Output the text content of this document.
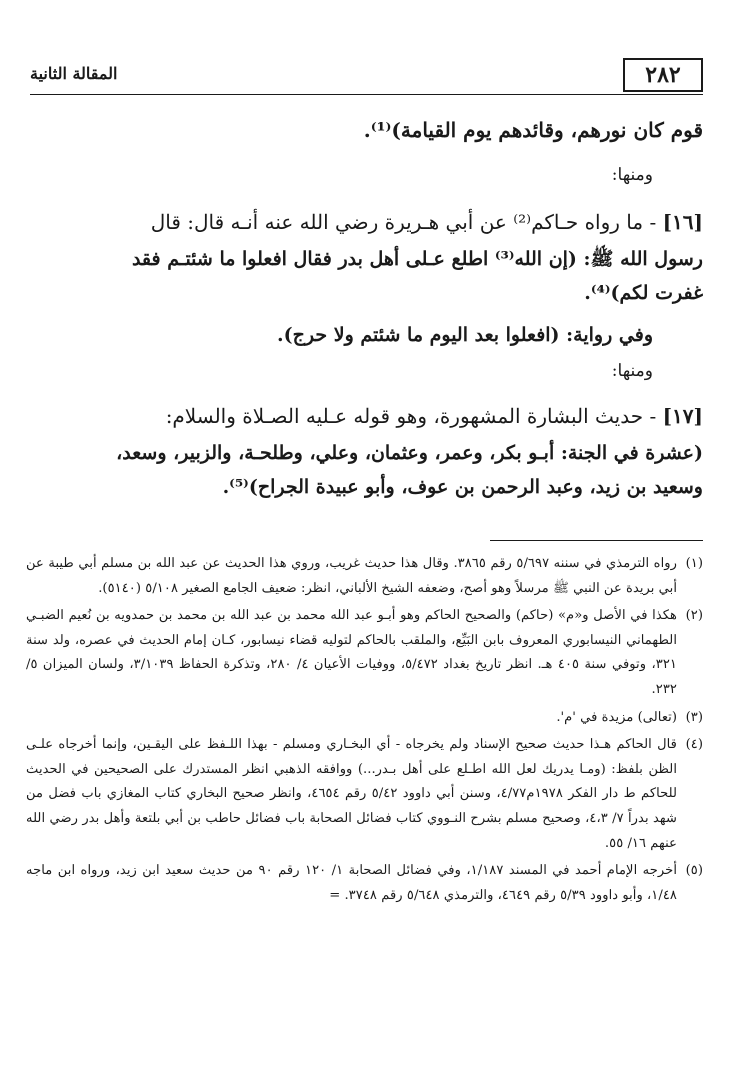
٢٨٢
المقالة الثانية

قوم كان نورهم، وقائدهم يوم القيامة)⁽¹⁾.

ومنها:

[١٦] - ما رواه حـاكم⁽²⁾ عن أبي هـريرة رضي الله عنه أنـه قال: قال

رسول الله ﷺ: (إن الله⁽³⁾ اطلع عـلى أهل بدر فقال افعلوا ما شئتـم فقد

غفرت لكم)⁽⁴⁾.

وفي رواية: (افعلوا بعد اليوم ما شئتم ولا حرج).

ومنها:

[١٧] - حديث البشارة المشهورة، وهو قوله عـليه الصـلاة والسلام:

(عشرة في الجنة: أبـو بكر، وعمر، وعثمان، وعلي، وطلحـة، والزبير، وسعد،

وسعيد بن زيد، وعبد الرحمن بن عوف، وأبو عبيدة الجراح)⁽⁵⁾.

(١)رواه الترمذي في سننه ٥/٦٩٧ رقم ٣٨٦٥. وقال هذا حديث غريب، وروي هذا الحديث عن عبد الله بن مسلم أبي طيبة عن أبي بريدة عن النبي ﷺ مرسلاً وهو أصح، وضعفه الشيخ الألباني، انظر: ضعيف الجامع الصغير ٥/١٠٨ (٥١٤٠).

(٢)هكذا في الأصل و«م» (حاكم) والصحيح الحاكم وهو أبـو عبد الله محمد بن عبد الله بن محمد بن حمدويه بن نُعيم الضبـي الطهماني النيسابوري المعروف بابن البَيِّع، والملقب بالحاكم لتوليه قضاء نيسابور، كـان إمام الحديث في عصره، ولد سنة ٣٢١، وتوفي سنة ٤٠٥ هـ. انظر تاريخ بغداد ٥/٤٧٢، ووفيات الأعيان ٤/ ٢٨٠، وتذكرة الحفاظ ٣/١٠٣٩، ولسان الميزان ٥/ ٢٣٢.

(٣)(تعالى) مزيدة في 'م'.

(٤)قال الحاكم هـذا حديث صحيح الإسناد ولم يخرجاه - أي البخـاري ومسلم - بهذا اللـفظ على اليقـين، وإنما أخرجاه علـى الظن بلفظ: (ومـا يدريك لعل الله اطـلع على أهل بـدر...) ووافقه الذهبي انظر المستدرك على الصحيحين في الحديث للحاكم ط دار الفكر ١٩٧٨م٤/٧٧، وسنن أبي داوود ٥/٤٢ رقم ٤٦٥٤، وانظر صحيح البخاري كتاب المغازي باب فضل من شهد بدراً ٧/ ٤،٣، وصحيح مسلم بشرح النـووي كتاب فضائل الصحابة باب فضائل حاطب بن أبي بلتعة وأهل بدر رضي الله عنهم ١٦/ ٥٥.

(٥)أخرجه الإمام أحمد في المسند ١/١٨٧، وفي فضائل الصحابة ١/ ١٢٠ رقم ٩٠ من حديث سعيد ابن زيد، ورواه ابن ماجه ١/٤٨، وأبو داوود ٥/٣٩ رقم ٤٦٤٩، والترمذي ٥/٦٤٨ رقم ٣٧٤٨. =
